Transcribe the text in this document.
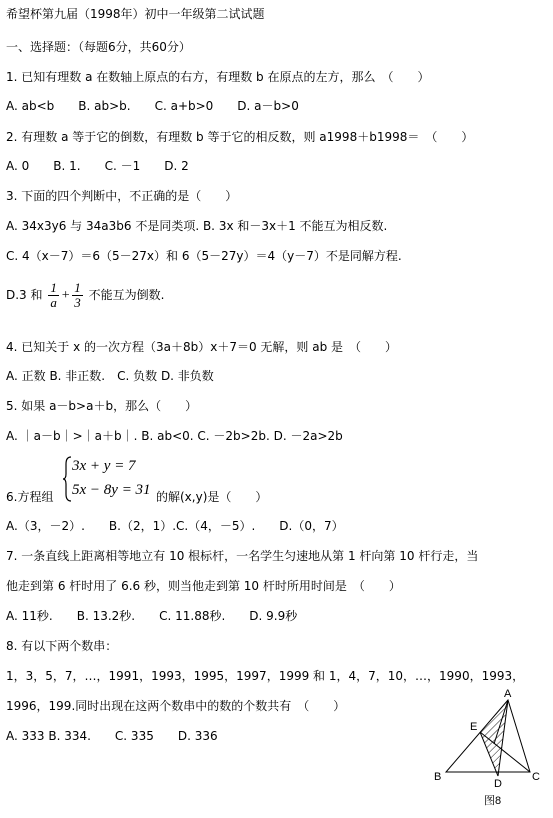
希望杯第九届（1998年）初中一年级第二试试题
一、选择题：（每题6分，共60分）
1. 已知有理数 a 在数轴上原点的右方，有理数 b 在原点的左方，那么　（　　）
A. ab<b　　B. ab>b.　　C. a+b>0　　D. a－b>0
2. 有理数 a 等于它的倒数，有理数 b 等于它的相反数，则 a1998＋b1998＝　（　　）
A. 0　　B. 1.　　C. －1　　D. 2
3. 下面的四个判断中，不正确的是（　　）
A. 34x3y6 与 34a3b6 不是同类项. B. 3x 和－3x＋1 不能互为相反数.
C. 4（x－7）＝6（5－27x）和 6（5－27y）＝4（y－7）不是同解方程.
D.3 和 $\frac{1}{a} + \frac{1}{3}$ 不能互为倒数.
4. 已知关于 x 的一次方程（3a＋8b）x＋7＝0 无解，则 ab 是　（　　）
A. 正数 B. 非正数.　C. 负数 D. 非负数
5. 如果 a－b>a＋b，那么（　　）
A. ｜a－b｜>｜a＋b｜. B. ab<0. C. －2b>2b. D. －2a>2b
6.方程组
3x + y = 7
5x − 8y = 31 的解(x,y)是（　　）
A.（3，－2）.　　B.（2，1）.C.（4，－5）.　　D.（0，7）
7. 一条直线上距离相等地立有 10 根标杆，一名学生匀速地从第 1 杆向第 10 杆行走，当
他走到第 6 杆时用了 6.6 秒，则当他走到第 10 杆时所用时间是　（　　）
A. 11秒.　　B. 13.2秒.　　C. 11.88秒.　　D. 9.9秒
8. 有以下两个数串：
1，3，5，7，…，1991，1993，1995，1997，1999 和 1，4，7，10，…，1990，1993，
1996，199.同时出现在这两个数串中的数的个数共有　（　　）
A. 333 B. 334.　　C. 335　　D. 336
A
B	C
D
E
图8
